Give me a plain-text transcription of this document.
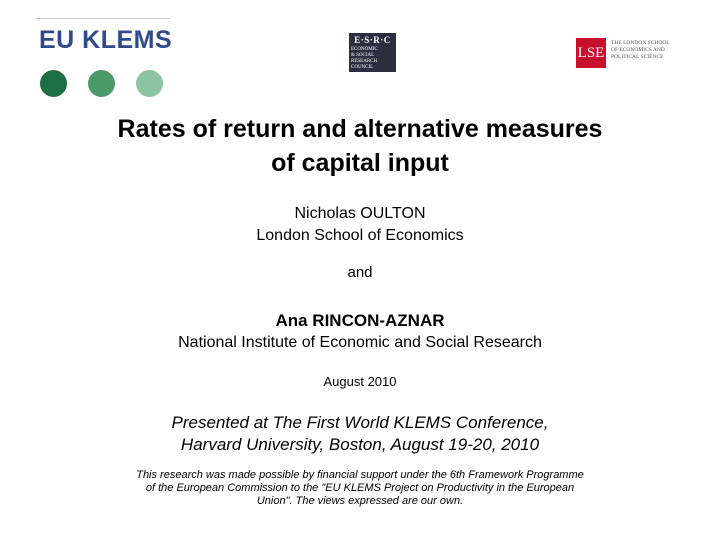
EU KLEMS	E·S·R·C
ECONOMIC
& SOCIAL
RESEARCH
COUNCIL
LSE
THE LONDON SCHOOL
OF ECONOMICS AND
POLITICAL SCIENCE
Rates of return and alternative measures
of capital input
Nicholas OULTON
London School of Economics
and
Ana RINCON-AZNAR
National Institute of Economic and Social Research
August 2010
Presented at The First World KLEMS Conference,
Harvard University, Boston, August 19-20, 2010
This research was made possible by financial support under the 6th Framework Programme
of the European Commission to the "EU KLEMS Project on Productivity in the European
Union". The views expressed are our own.
